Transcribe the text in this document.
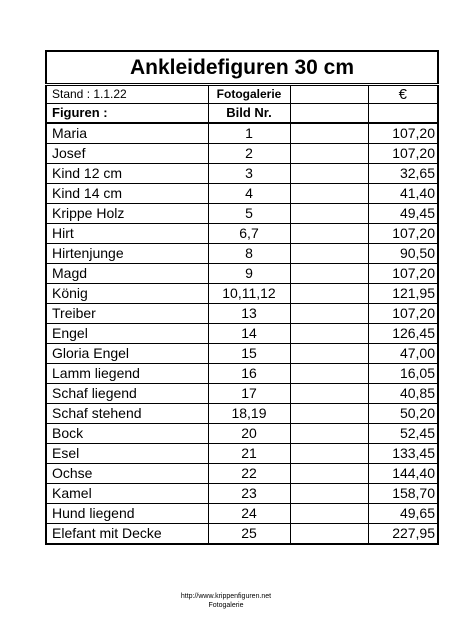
Ankleidefiguren 30 cm			
Stand : 1.1.22	Fotogalerie		€
Figuren :	Bild Nr.		
Maria	1		107,20
Josef	2		107,20
Kind 12 cm	3		32,65
Kind 14 cm	4		41,40
Krippe Holz	5		49,45
Hirt	6,7		107,20
Hirtenjunge	8		90,50
Magd	9		107,20
König	10,11,12		121,95
Treiber	13		107,20
Engel	14		126,45
Gloria Engel	15		47,00
Lamm liegend	16		16,05
Schaf liegend	17		40,85
Schaf stehend	18,19		50,20
Bock	20		52,45
Esel	21		133,45
Ochse	22		144,40
Kamel	23		158,70
Hund liegend	24		49,65
Elefant mit Decke	25		227,95
http://www.krippenfiguren.net
Fotogalerie
